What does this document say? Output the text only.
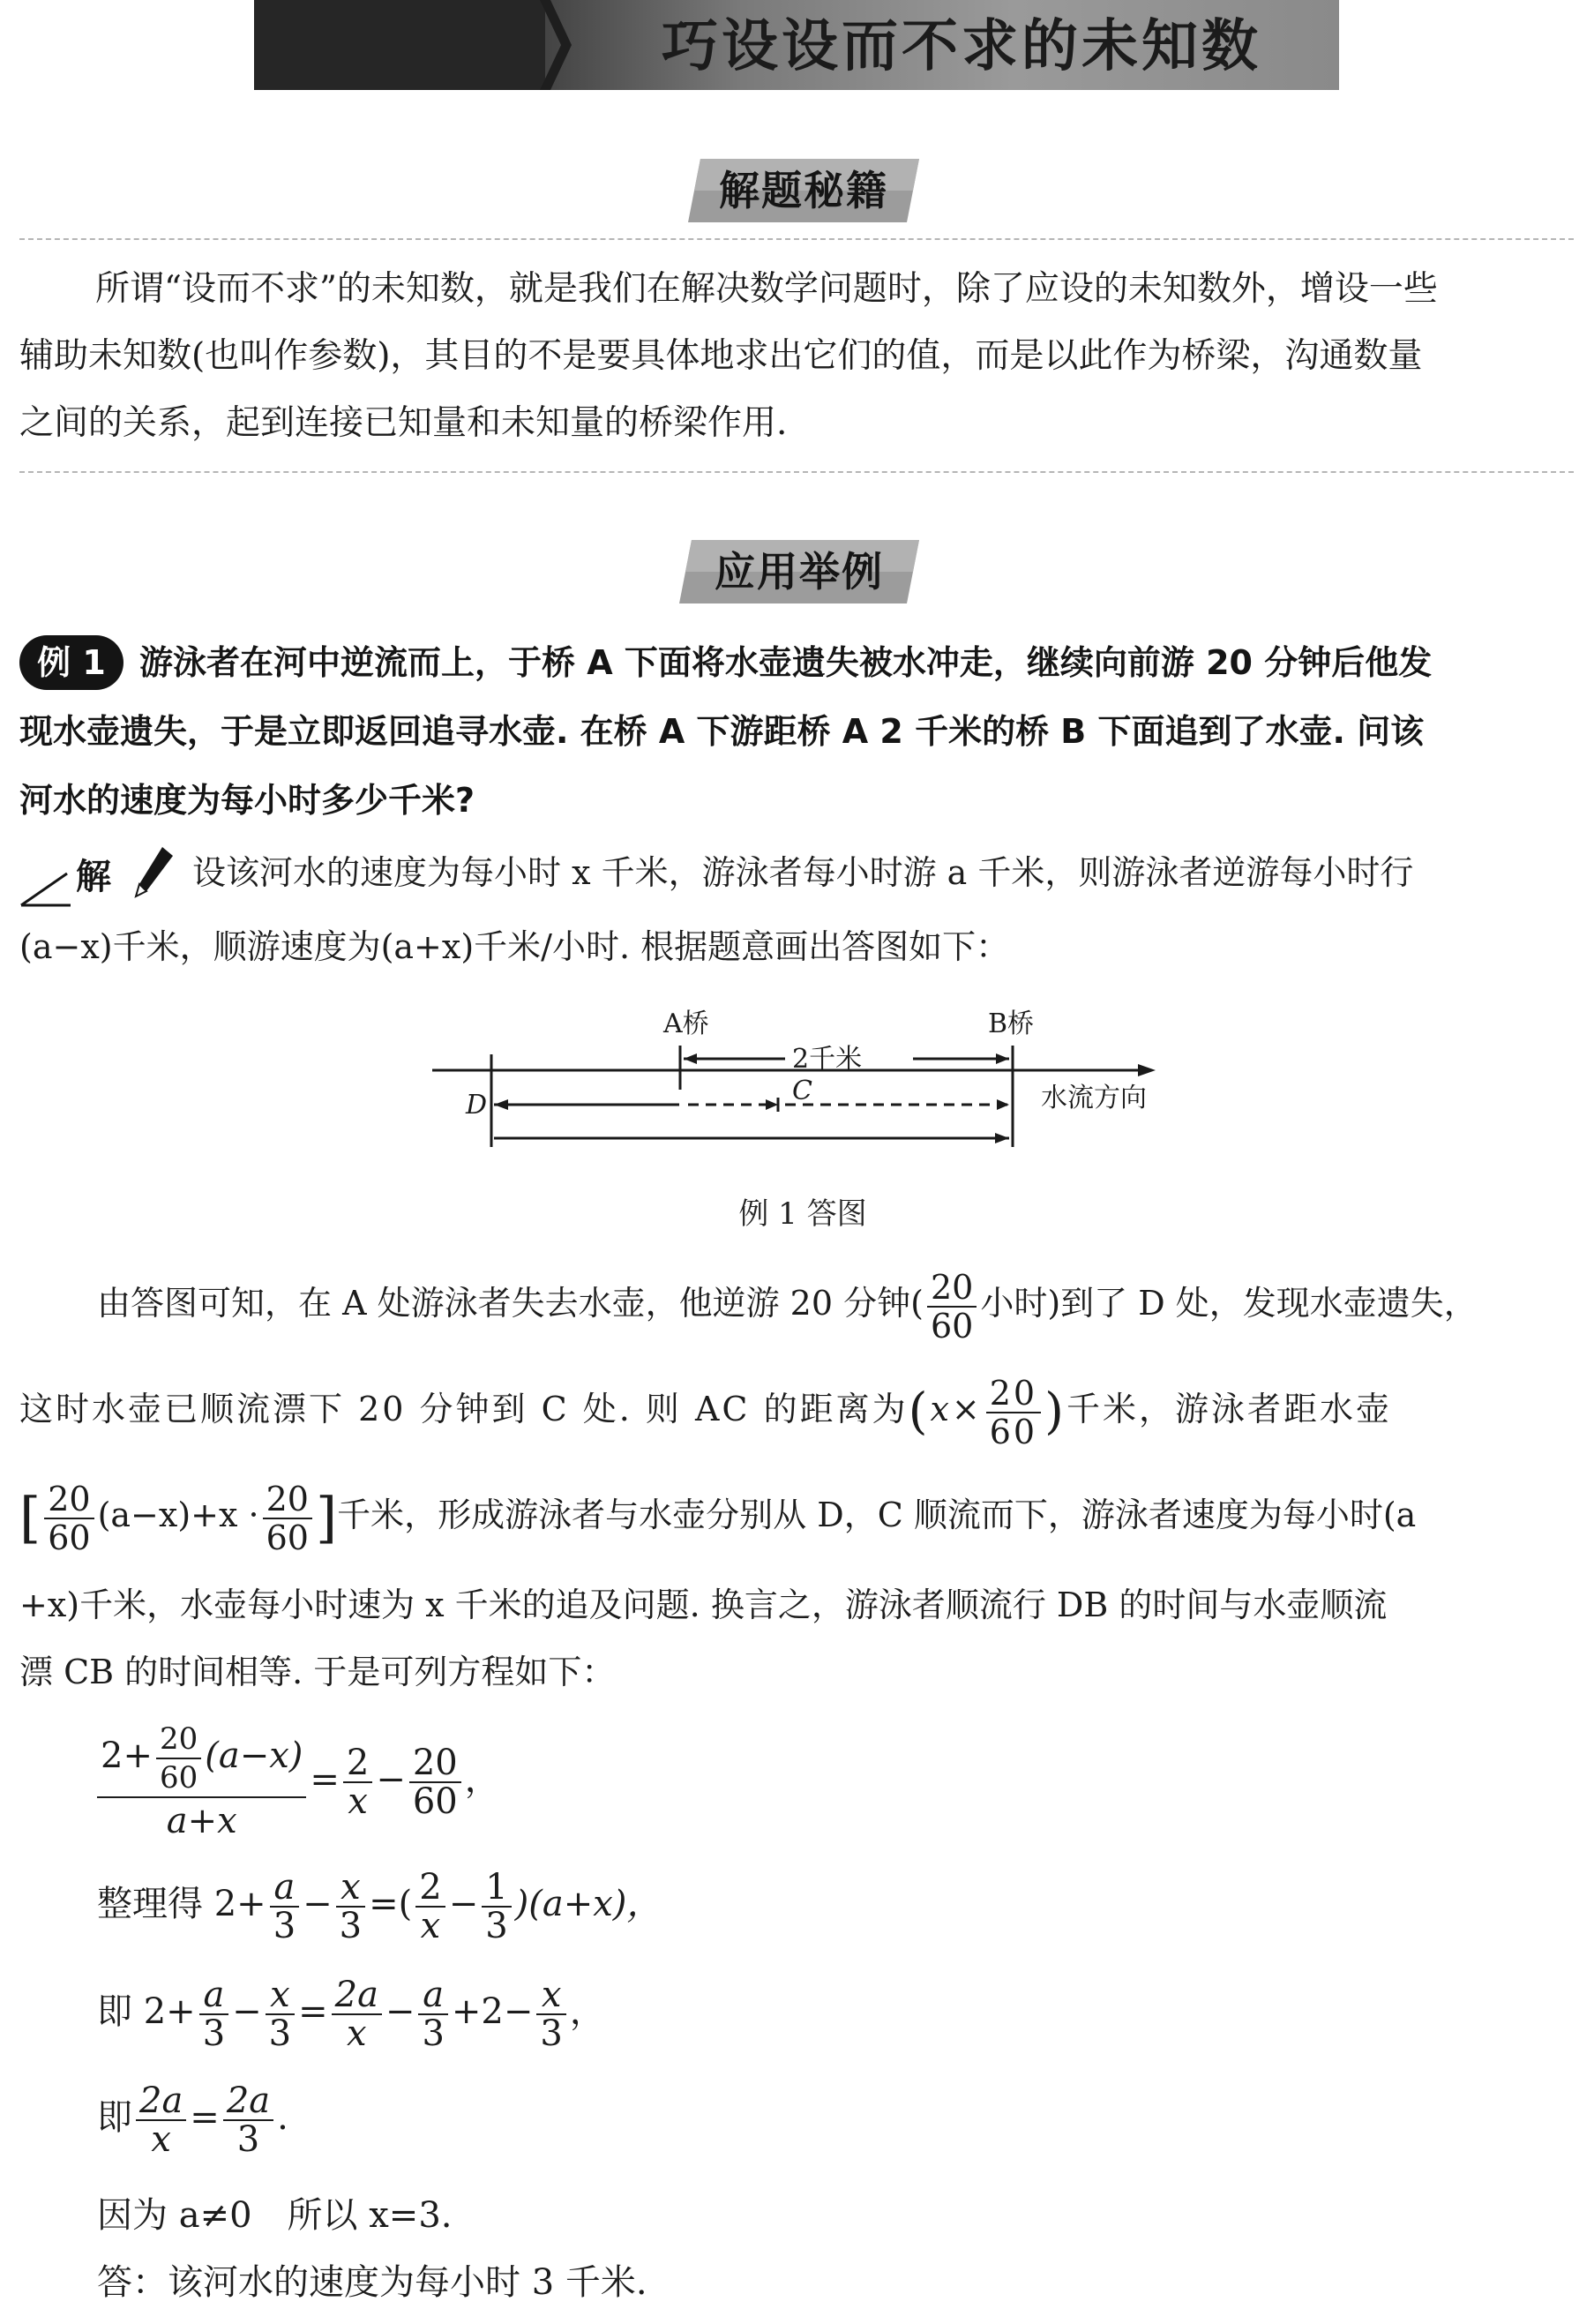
巧设设而不求的未知数
解题秘籍
所谓“设而不求”的未知数，就是我们在解决数学问题时，除了应设的未知数外，增设一些
辅助未知数(也叫作参数)，其目的不是要具体地求出它们的值，而是以此作为桥梁，沟通数量
之间的关系，起到连接已知量和未知量的桥梁作用.
应用举例
例 1	游泳者在河中逆流而上，于桥 A 下面将水壶遗失被水冲走，继续向前游 20 分钟后他发
现水壶遗失，于是立即返回追寻水壶. 在桥 A 下游距桥 A 2 千米的桥 B 下面追到了水壶. 问该
河水的速度为每小时多少千米?
解 设该河水的速度为每小时 x 千米，游泳者每小时游 a 千米，则游泳者逆游每小时行
(a−x)千米，顺游速度为(a+x)千米/小时. 根据题意画出答图如下：
A桥	B桥
2千米
C
D	水流方向
例 1 答图
由答图可知，在 A 处游泳者失去水壶，他逆游 20 分钟( $\frac{20}{60}$ 小时)到了 D 处，发现水壶遗失，
这时水壶已顺流漂下 20 分钟到 C 处. 则 AC 的距离为($x\times \frac{20}{60}$ )千米，游泳者距水壶
[ $\frac{20}{60} (a-x)+x \cdot \frac{20}{60}$ ]千米，形成游泳者与水壶分别从 D，C 顺流而下，游泳者速度为每小时(a
+x)千米，水壶每小时速为 x 千米的追及问题. 换言之，游泳者顺流行 DB 的时间与水壶顺流
漂 CB 的时间相等. 于是可列方程如下：
$\frac{2+ \frac{20}{60} (a-x)}{a+x} = \frac{2}{x} - \frac{20}{60}$ ，
整理得 $2+ \frac{a}{3} - \frac{x}{3}$ =( $\frac{2}{x} - \frac{1}{3} )(a+x)$，
即 $2+ \frac{a}{3} - \frac{x}{3} = \frac{2a}{x} - \frac{a}{3} +2- \frac{x}{3}$ ，
即 $\frac{2a}{x} = \frac{2a}{3}$ .
因为 a≠0　所以 x=3.
答：该河水的速度为每小时 3 千米.
